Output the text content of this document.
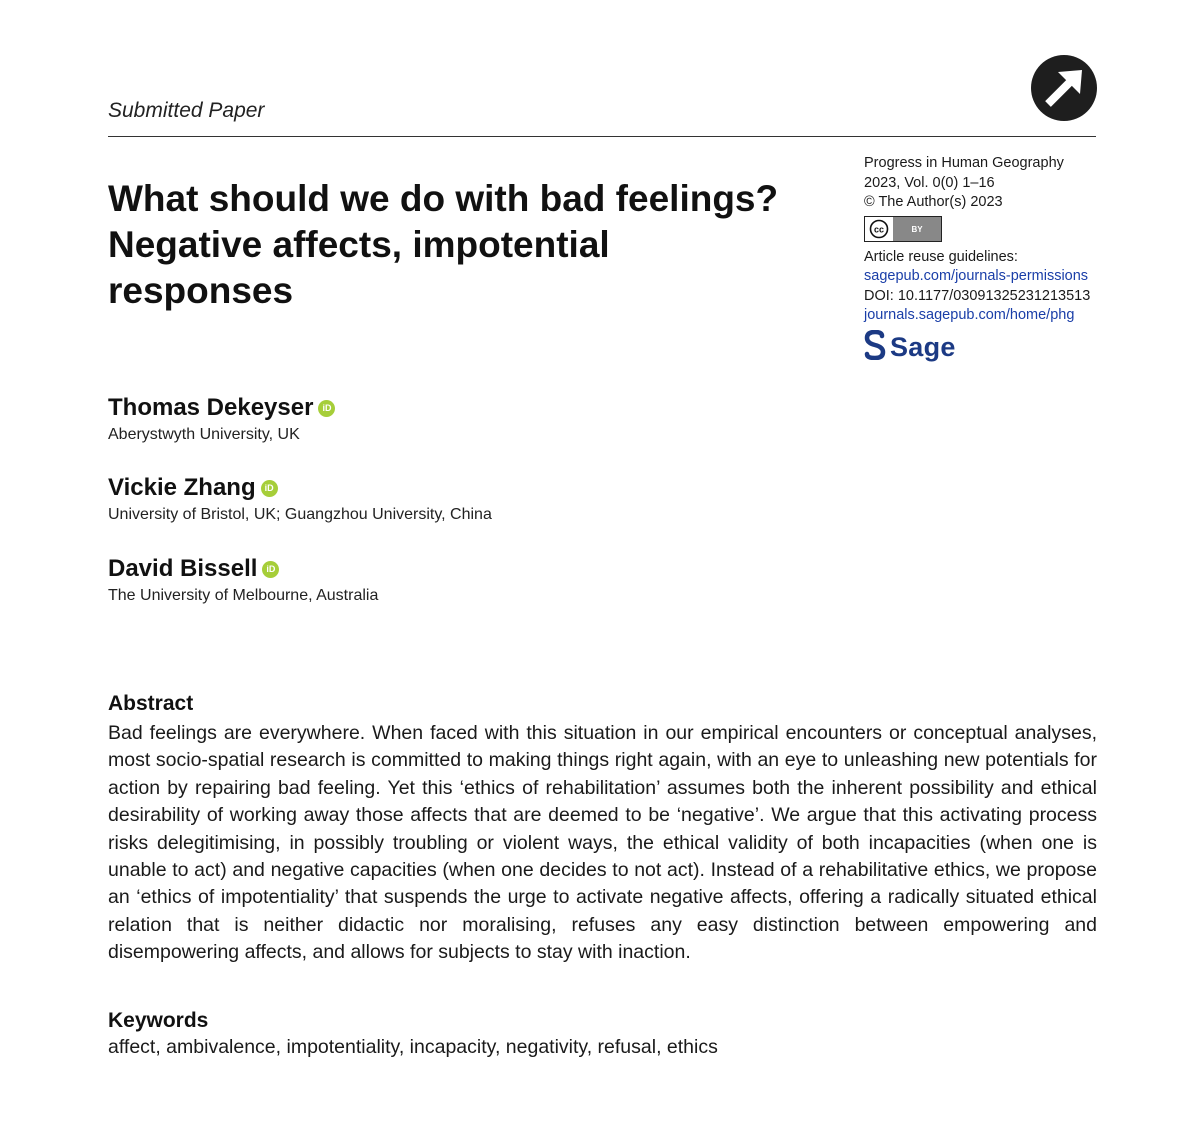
Submitted Paper
What should we do with bad feelings?
Negative affects, impotential
responses
Progress in Human Geography
2023, Vol. 0(0) 1–16
© The Author(s) 2023
cc	BY
Article reuse guidelines:
sagepub.com/journals-permissions
DOI: 10.1177/03091325231213513
journals.sagepub.com/home/phg
Sage
Thomas Dekeyser	iD
Aberystwyth University, UK
Vickie Zhang	iD
University of Bristol, UK; Guangzhou University, China
David Bissell	iD
The University of Melbourne, Australia
Abstract
Bad feelings are everywhere. When faced with this situation in our empirical encounters or conceptual analyses, most socio-spatial research is committed to making things right again, with an eye to unleashing new potentials for action by repairing bad feeling. Yet this ‘ethics of rehabilitation’ assumes both the inherent possibility and ethical desirability of working away those affects that are deemed to be ‘negative’. We argue that this activating process risks delegitimising, in possibly troubling or violent ways, the ethical validity of both incapacities (when one is unable to act) and negative capacities (when one decides to not act). Instead of a rehabilitative ethics, we propose an ‘ethics of impotentiality’ that suspends the urge to activate negative affects, offering a radically situated ethical relation that is neither didactic nor moralising, refuses any easy distinction between empowering and disempowering affects, and allows for subjects to stay with inaction.
Keywords
affect, ambivalence, impotentiality, incapacity, negativity, refusal, ethics
